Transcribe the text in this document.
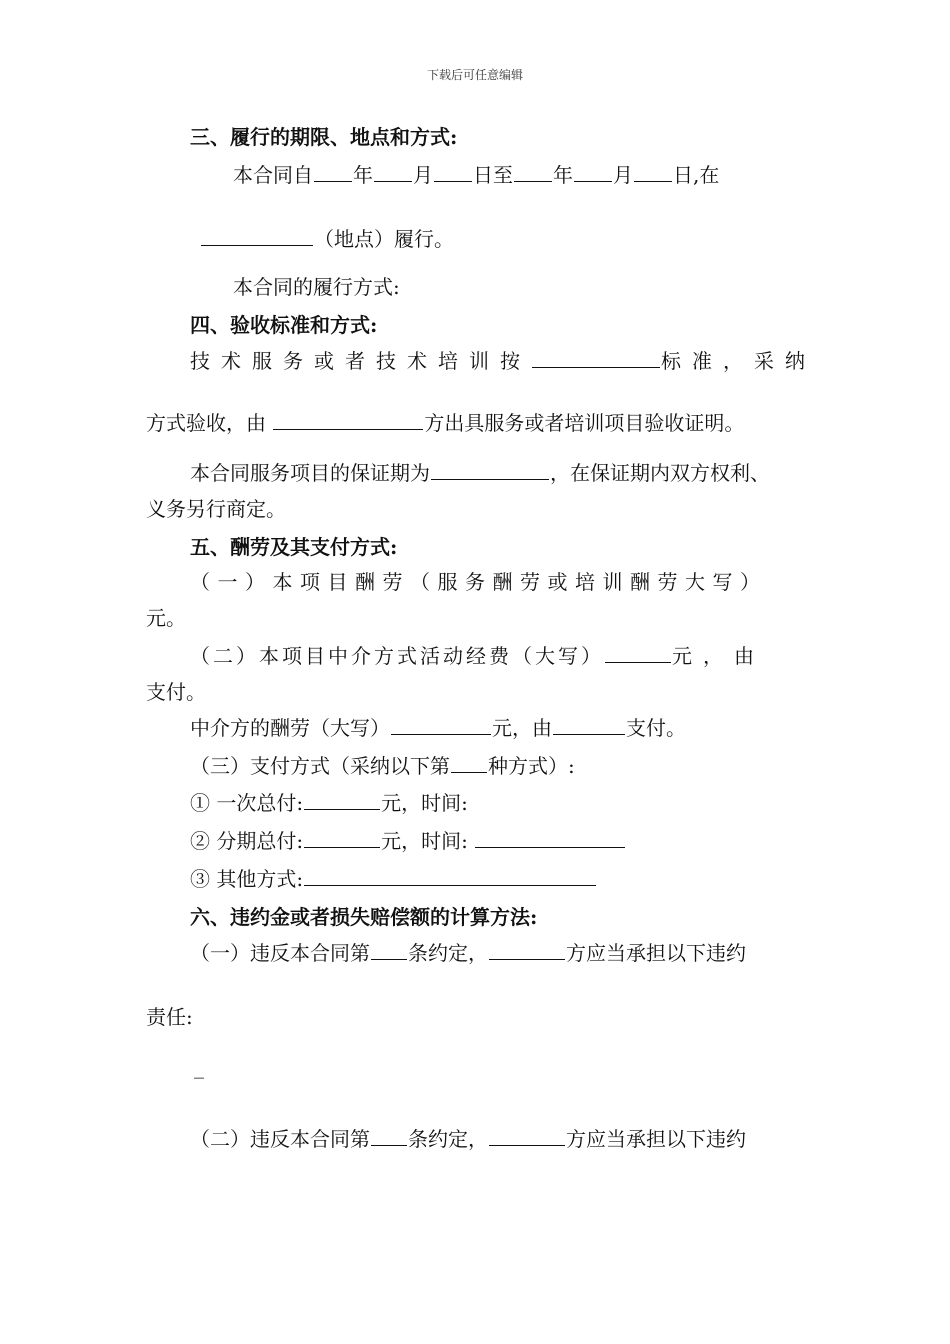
下载后可任意编辑

三、履行的期限、地点和方式:

本合同自 年 月 日至 年 月 日,在

（地点）履行。

本合同的履行方式:

四、验收标准和方式:

技术服务或者技术培训按	标准，采纳

方式验收，由	方出具服务或者培训项目验收证明。

本合同服务项目的保证期为	，在保证期内双方权利、

义务另行商定。

五、酬劳及其支付方式:

（一）本项目酬劳（服务酬劳或培训酬劳大写）

元。

（二）本项目中介方式活动经费（大写）	元，由

支付。

中介方的酬劳（大写）	元，由	支付。

（三）支付方式（采纳以下第 种方式）:

① 一次总付:	元，时间:

② 分期总付:	元，时间:

③ 其他方式:

六、违约金或者损失赔偿额的计算方法:

（一）违反本合同第 条约定，	方应当承担以下违约

责任:

_

（二）违反本合同第 条约定，	方应当承担以下违约
